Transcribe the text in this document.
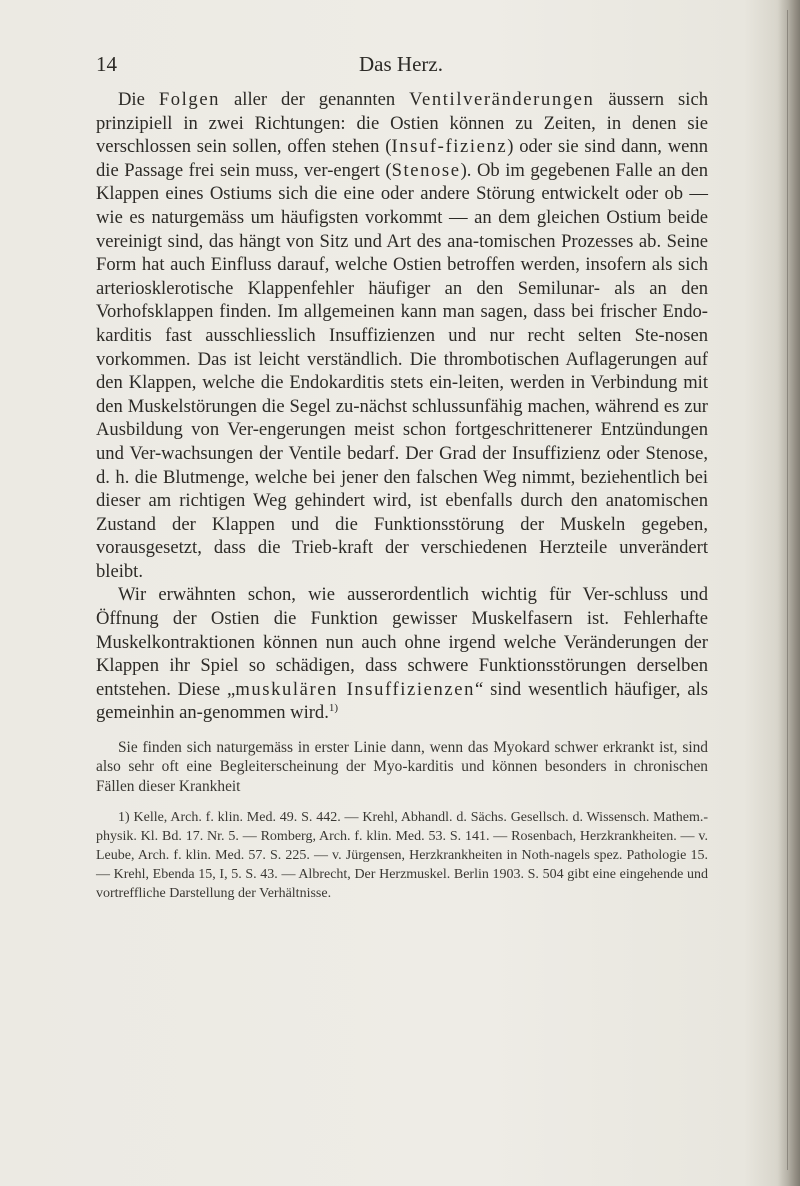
14	Das Herz.

Die Folgen aller der genannten Ventilveränderungen äussern sich prinzipiell in zwei Richtungen: die Ostien können zu Zeiten, in denen sie verschlossen sein sollen, offen stehen (Insuf-fizienz) oder sie sind dann, wenn die Passage frei sein muss, ver-engert (Stenose). Ob im gegebenen Falle an den Klappen eines Ostiums sich die eine oder andere Störung entwickelt oder ob — wie es naturgemäss um häufigsten vorkommt — an dem gleichen Ostium beide vereinigt sind, das hängt von Sitz und Art des ana-tomischen Prozesses ab. Seine Form hat auch Einfluss darauf, welche Ostien betroffen werden, insofern als sich arteriosklerotische Klappenfehler häufiger an den Semilunar- als an den Vorhofsklappen finden. Im allgemeinen kann man sagen, dass bei frischer Endo-karditis fast ausschliesslich Insuffizienzen und nur recht selten Ste-nosen vorkommen. Das ist leicht verständlich. Die thrombotischen Auflagerungen auf den Klappen, welche die Endokarditis stets ein-leiten, werden in Verbindung mit den Muskelstörungen die Segel zu-nächst schlussunfähig machen, während es zur Ausbildung von Ver-engerungen meist schon fortgeschrittenerer Entzündungen und Ver-wachsungen der Ventile bedarf. Der Grad der Insuffizienz oder Stenose, d. h. die Blutmenge, welche bei jener den falschen Weg nimmt, beziehentlich bei dieser am richtigen Weg gehindert wird, ist ebenfalls durch den anatomischen Zustand der Klappen und die Funktionsstörung der Muskeln gegeben, vorausgesetzt, dass die Trieb-kraft der verschiedenen Herzteile unverändert bleibt.

Wir erwähnten schon, wie ausserordentlich wichtig für Ver-schluss und Öffnung der Ostien die Funktion gewisser Muskelfasern ist. Fehlerhafte Muskelkontraktionen können nun auch ohne irgend welche Veränderungen der Klappen ihr Spiel so schädigen, dass schwere Funktionsstörungen derselben entstehen. Diese „muskulären Insuffizienzen“ sind wesentlich häufiger, als gemeinhin an-genommen wird.$^{1)}$

Sie finden sich naturgemäss in erster Linie dann, wenn das Myokard schwer erkrankt ist, sind also sehr oft eine Begleiterscheinung der Myo-karditis und können besonders in chronischen Fällen dieser Krankheit

1) Kelle, Arch. f. klin. Med. 49. S. 442. — Krehl, Abhandl. d. Sächs. Gesellsch. d. Wissensch. Mathem.-physik. Kl. Bd. 17. Nr. 5. — Romberg, Arch. f. klin. Med. 53. S. 141. — Rosenbach, Herzkrankheiten. — v. Leube, Arch. f. klin. Med. 57. S. 225. — v. Jürgensen, Herzkrankheiten in Noth-nagels spez. Pathologie 15. — Krehl, Ebenda 15, I, 5. S. 43. — Albrecht, Der Herzmuskel. Berlin 1903. S. 504 gibt eine eingehende und vortreffliche Darstellung der Verhältnisse.
